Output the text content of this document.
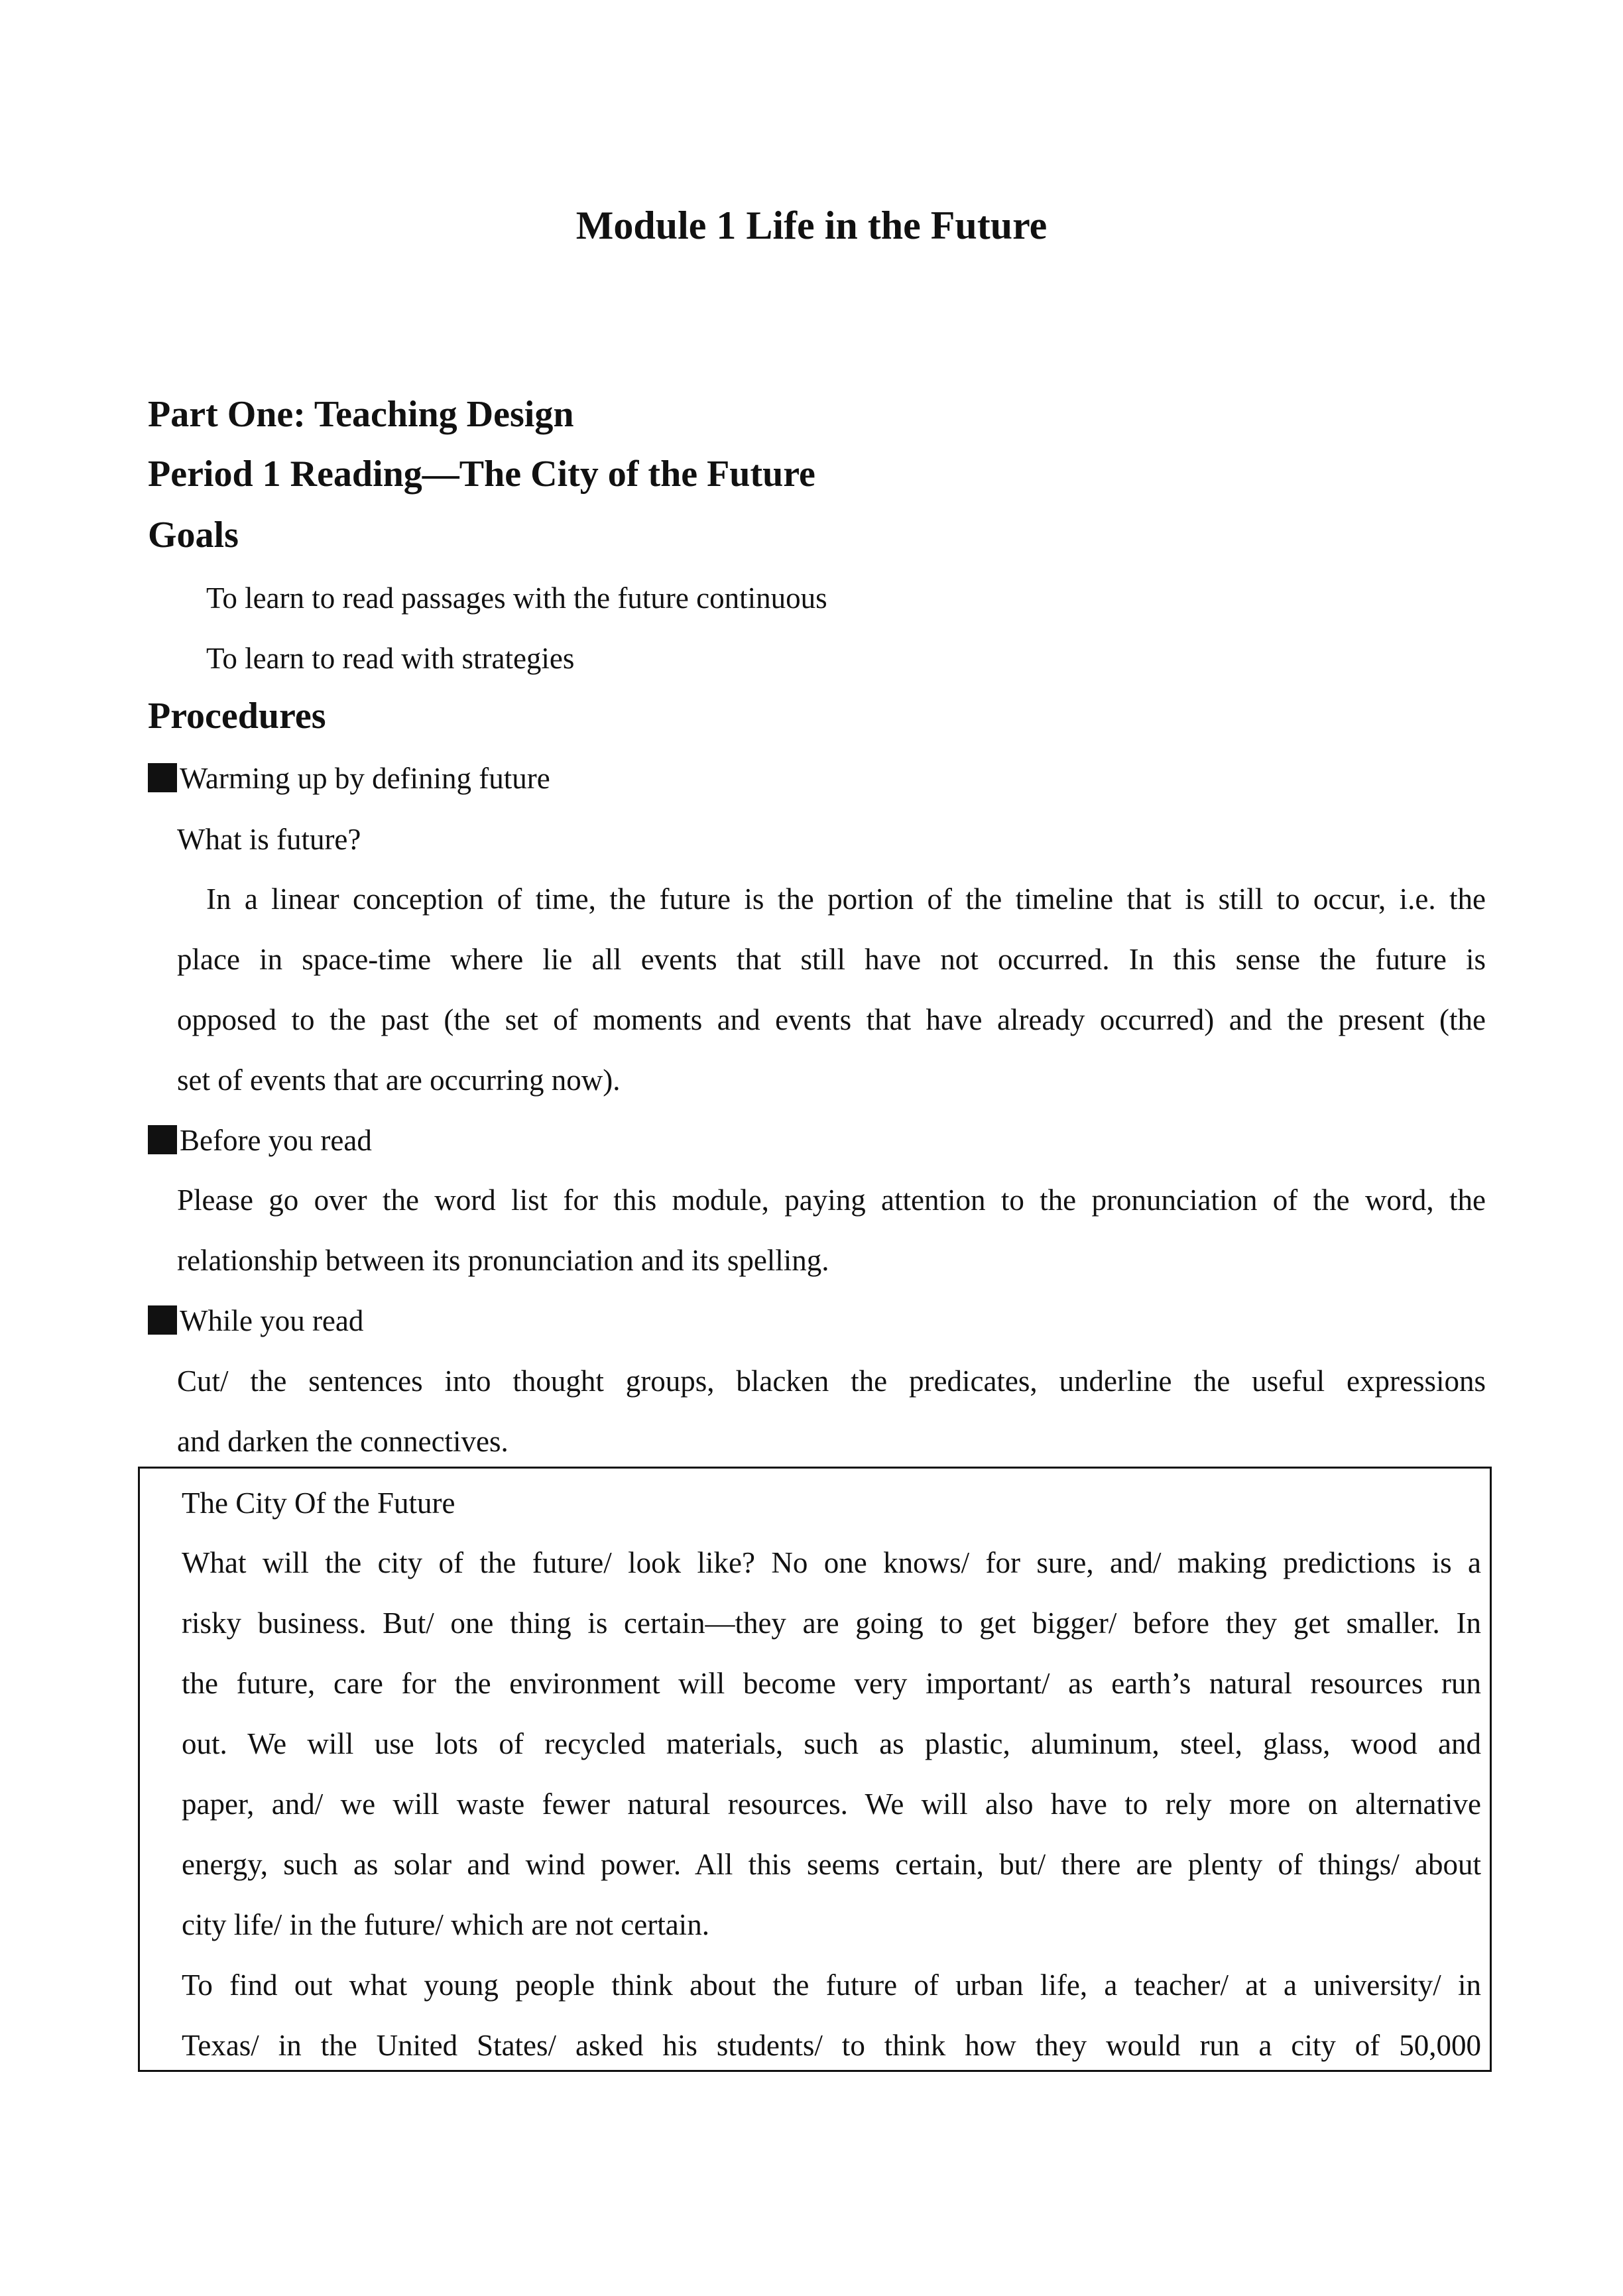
Module 1 Life in the Future
Part One: Teaching Design
Period 1 Reading—The City of the Future
Goals
To learn to read passages with the future continuous
To learn to read with strategies
Procedures
Warming up by defining future
What is future?
In a linear conception of time, the future is the portion of the timeline that is still to occur, i.e. the
place in space-time where lie all events that still have not occurred. In this sense the future is
opposed to the past (the set of moments and events that have already occurred) and the present (the
set of events that are occurring now).
Before you read
Please go over the word list for this module, paying attention to the pronunciation of the word, the
relationship between its pronunciation and its spelling.
While you read
Cut/ the sentences into thought groups, blacken the predicates, underline the useful expressions
and darken the connectives.
The City Of the Future
What will the city of the future/ look like? No one knows/ for sure, and/ making predictions is a
risky business. But/ one thing is certain—they are going to get bigger/ before they get smaller. In
the future, care for the environment will become very important/ as earth’s natural resources run
out. We will use lots of recycled materials, such as plastic, aluminum, steel, glass, wood and
paper, and/ we will waste fewer natural resources. We will also have to rely more on alternative
energy, such as solar and wind power. All this seems certain, but/ there are plenty of things/ about
city life/ in the future/ which are not certain.
To find out what young people think about the future of urban life, a teacher/ at a university/ in
Texas/ in the United States/ asked his students/ to think how they would run a city of 50,000
